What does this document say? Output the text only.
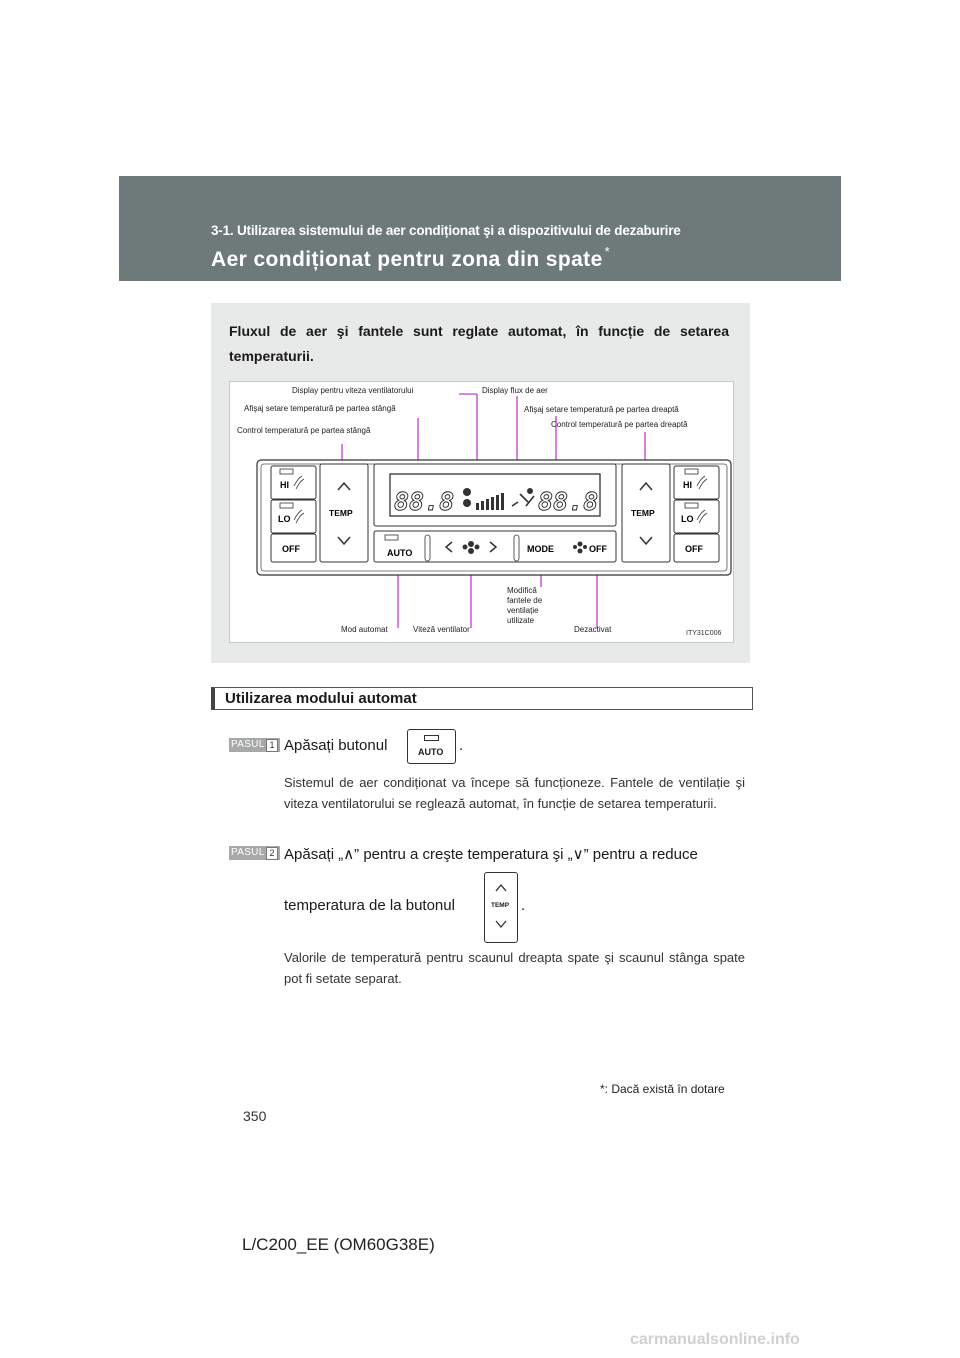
3-1. Utilizarea sistemului de aer condiționat şi a dispozitivului de dezaburire
Aer condiționat pentru zona din spate *
Fluxul de aer şi fantele sunt reglate automat, în funcție de setarea temperaturii.
HI
LO
OFF
TEMP 88.8	88.8
AUTO	MODE	OFF
TEMP
HI
LO
OFF
Display pentru viteza ventilatorului	Display flux de aer
Afişaj setare temperatură pe partea stângă	Afişaj setare temperatură pe partea dreaptă
Control temperatură pe partea stângă
Control temperatură pe partea dreaptă
Mod automat	Viteză ventilator
Modifică fantele de ventilație utilizate
Dezactivat	ITY31C006
Utilizarea modului automat
PASUL 1 Apăsați butonul	AUTO .
Sistemul de aer condiționat va începe să funcționeze. Fantele de ventilație şi viteza ventilatorului se reglează automat, în funcție de setarea temperaturii.
PASUL 2 Apăsați „∧” pentru a creşte temperatura şi „∨” pentru a reduce
temperatura de la butonul	TEMP .
Valorile de temperatură pentru scaunul dreapta spate şi scaunul stânga spate pot fi setate separat.
*: Dacă există în dotare
350
L/C200_EE (OM60G38E)
carmanualsonline.info
